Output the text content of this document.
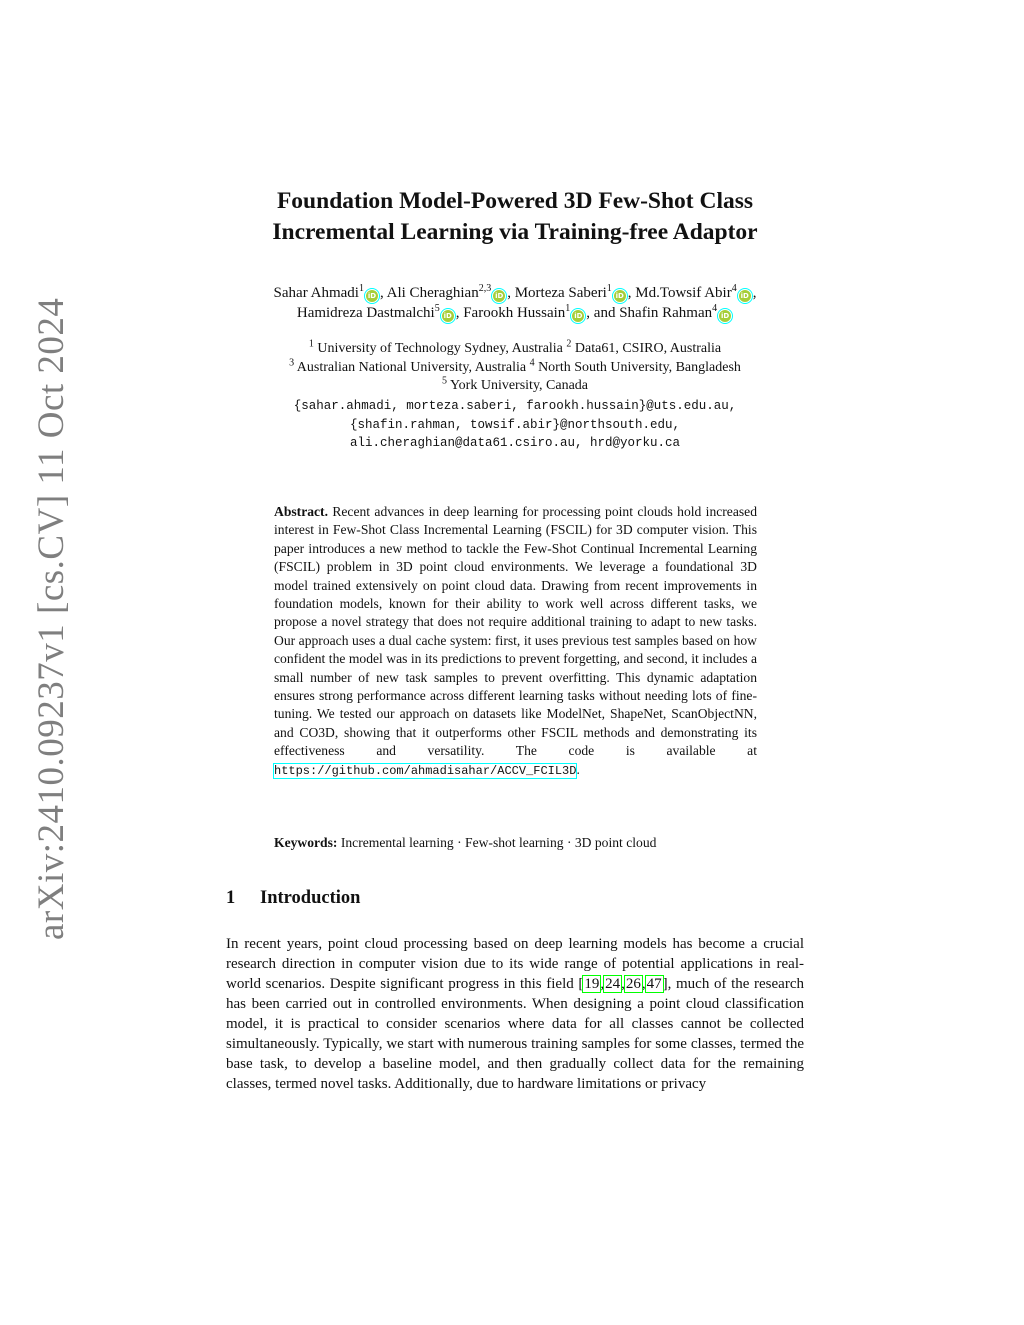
arXiv:2410.09237v1 [cs.CV] 11 Oct 2024
Foundation Model-Powered 3D Few-Shot Class
Incremental Learning via Training-free Adaptor
Sahar Ahmadi$^1$iD , Ali Cheraghian$^{2,3}$iD , Morteza Saberi$^1$iD , Md.Towsif Abir$^4$iD ,
Hamidreza Dastmalchi$^5$iD , Farookh Hussain$^1$iD , and Shafin Rahman$^4$iD
$^1$ University of Technology Sydney, Australia $^2$ Data61, CSIRO, Australia
$^3$ Australian National University, Australia $^4$ North South University, Bangladesh
$^5$ York University, Canada
{sahar.ahmadi, morteza.saberi, farookh.hussain}@uts.edu.au,
{shafin.rahman, towsif.abir}@northsouth.edu,
ali.cheraghian@data61.csiro.au, hrd@yorku.ca
Abstract. Recent advances in deep learning for processing point clouds hold increased interest in Few-Shot Class Incremental Learning (FSCIL) for 3D computer vision. This paper introduces a new method to tackle the Few-Shot Continual Incremental Learning (FSCIL) problem in 3D point cloud environments. We leverage a foundational 3D model trained extensively on point cloud data. Drawing from recent improvements in foundation models, known for their ability to work well across different tasks, we propose a novel strategy that does not require additional training to adapt to new tasks. Our approach uses a dual cache system: first, it uses previous test samples based on how confident the model was in its predictions to prevent forgetting, and second, it includes a small number of new task samples to prevent overfitting. This dynamic adaptation ensures strong performance across different learning tasks without needing lots of fine-tuning. We tested our approach on datasets like ModelNet, ShapeNet, ScanObjectNN, and CO3D, showing that it outperforms other FSCIL methods and demonstrating its effectiveness and versatility. The code is available at https://github.com/ahmadisahar/ACCV_FCIL3D.
Keywords: Incremental learning · Few-shot learning · 3D point cloud
1 Introduction
In recent years, point cloud processing based on deep learning models has become a crucial research direction in computer vision due to its wide range of potential applications in real-world scenarios. Despite significant progress in this field [19,24,26,47], much of the research has been carried out in controlled environments. When designing a point cloud classification model, it is practical to consider scenarios where data for all classes cannot be collected simultaneously. Typically, we start with numerous training samples for some classes, termed the base task, to develop a baseline model, and then gradually collect data for the remaining classes, termed novel tasks. Additionally, due to hardware limitations or privacy
